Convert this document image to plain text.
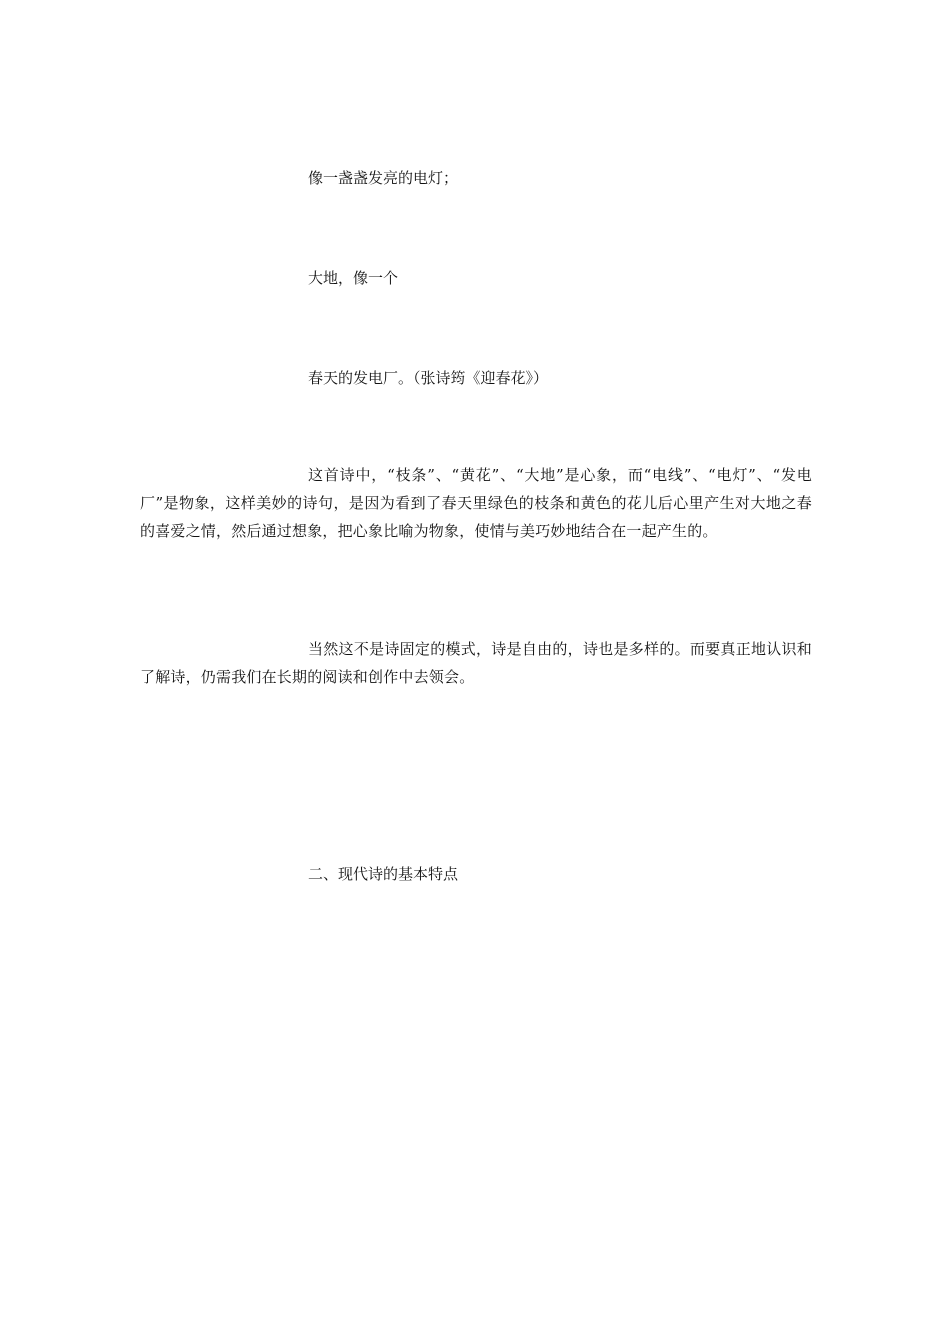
像一盏盏发亮的电灯；

大地，像一个

春天的发电厂。（张诗筠《迎春花》）

这首诗中，“枝条”、“黄花”、“大地”是心象，而“电线”、“电灯”、“发电厂”是物象，这样美妙的诗句，是因为看到了春天里绿色的枝条和黄色的花儿后心里产生对大地之春的喜爱之情，然后通过想象，把心象比喻为物象，使情与美巧妙地结合在一起产生的。

当然这不是诗固定的模式，诗是自由的，诗也是多样的。而要真正地认识和了解诗，仍需我们在长期的阅读和创作中去领会。

二、现代诗的基本特点
